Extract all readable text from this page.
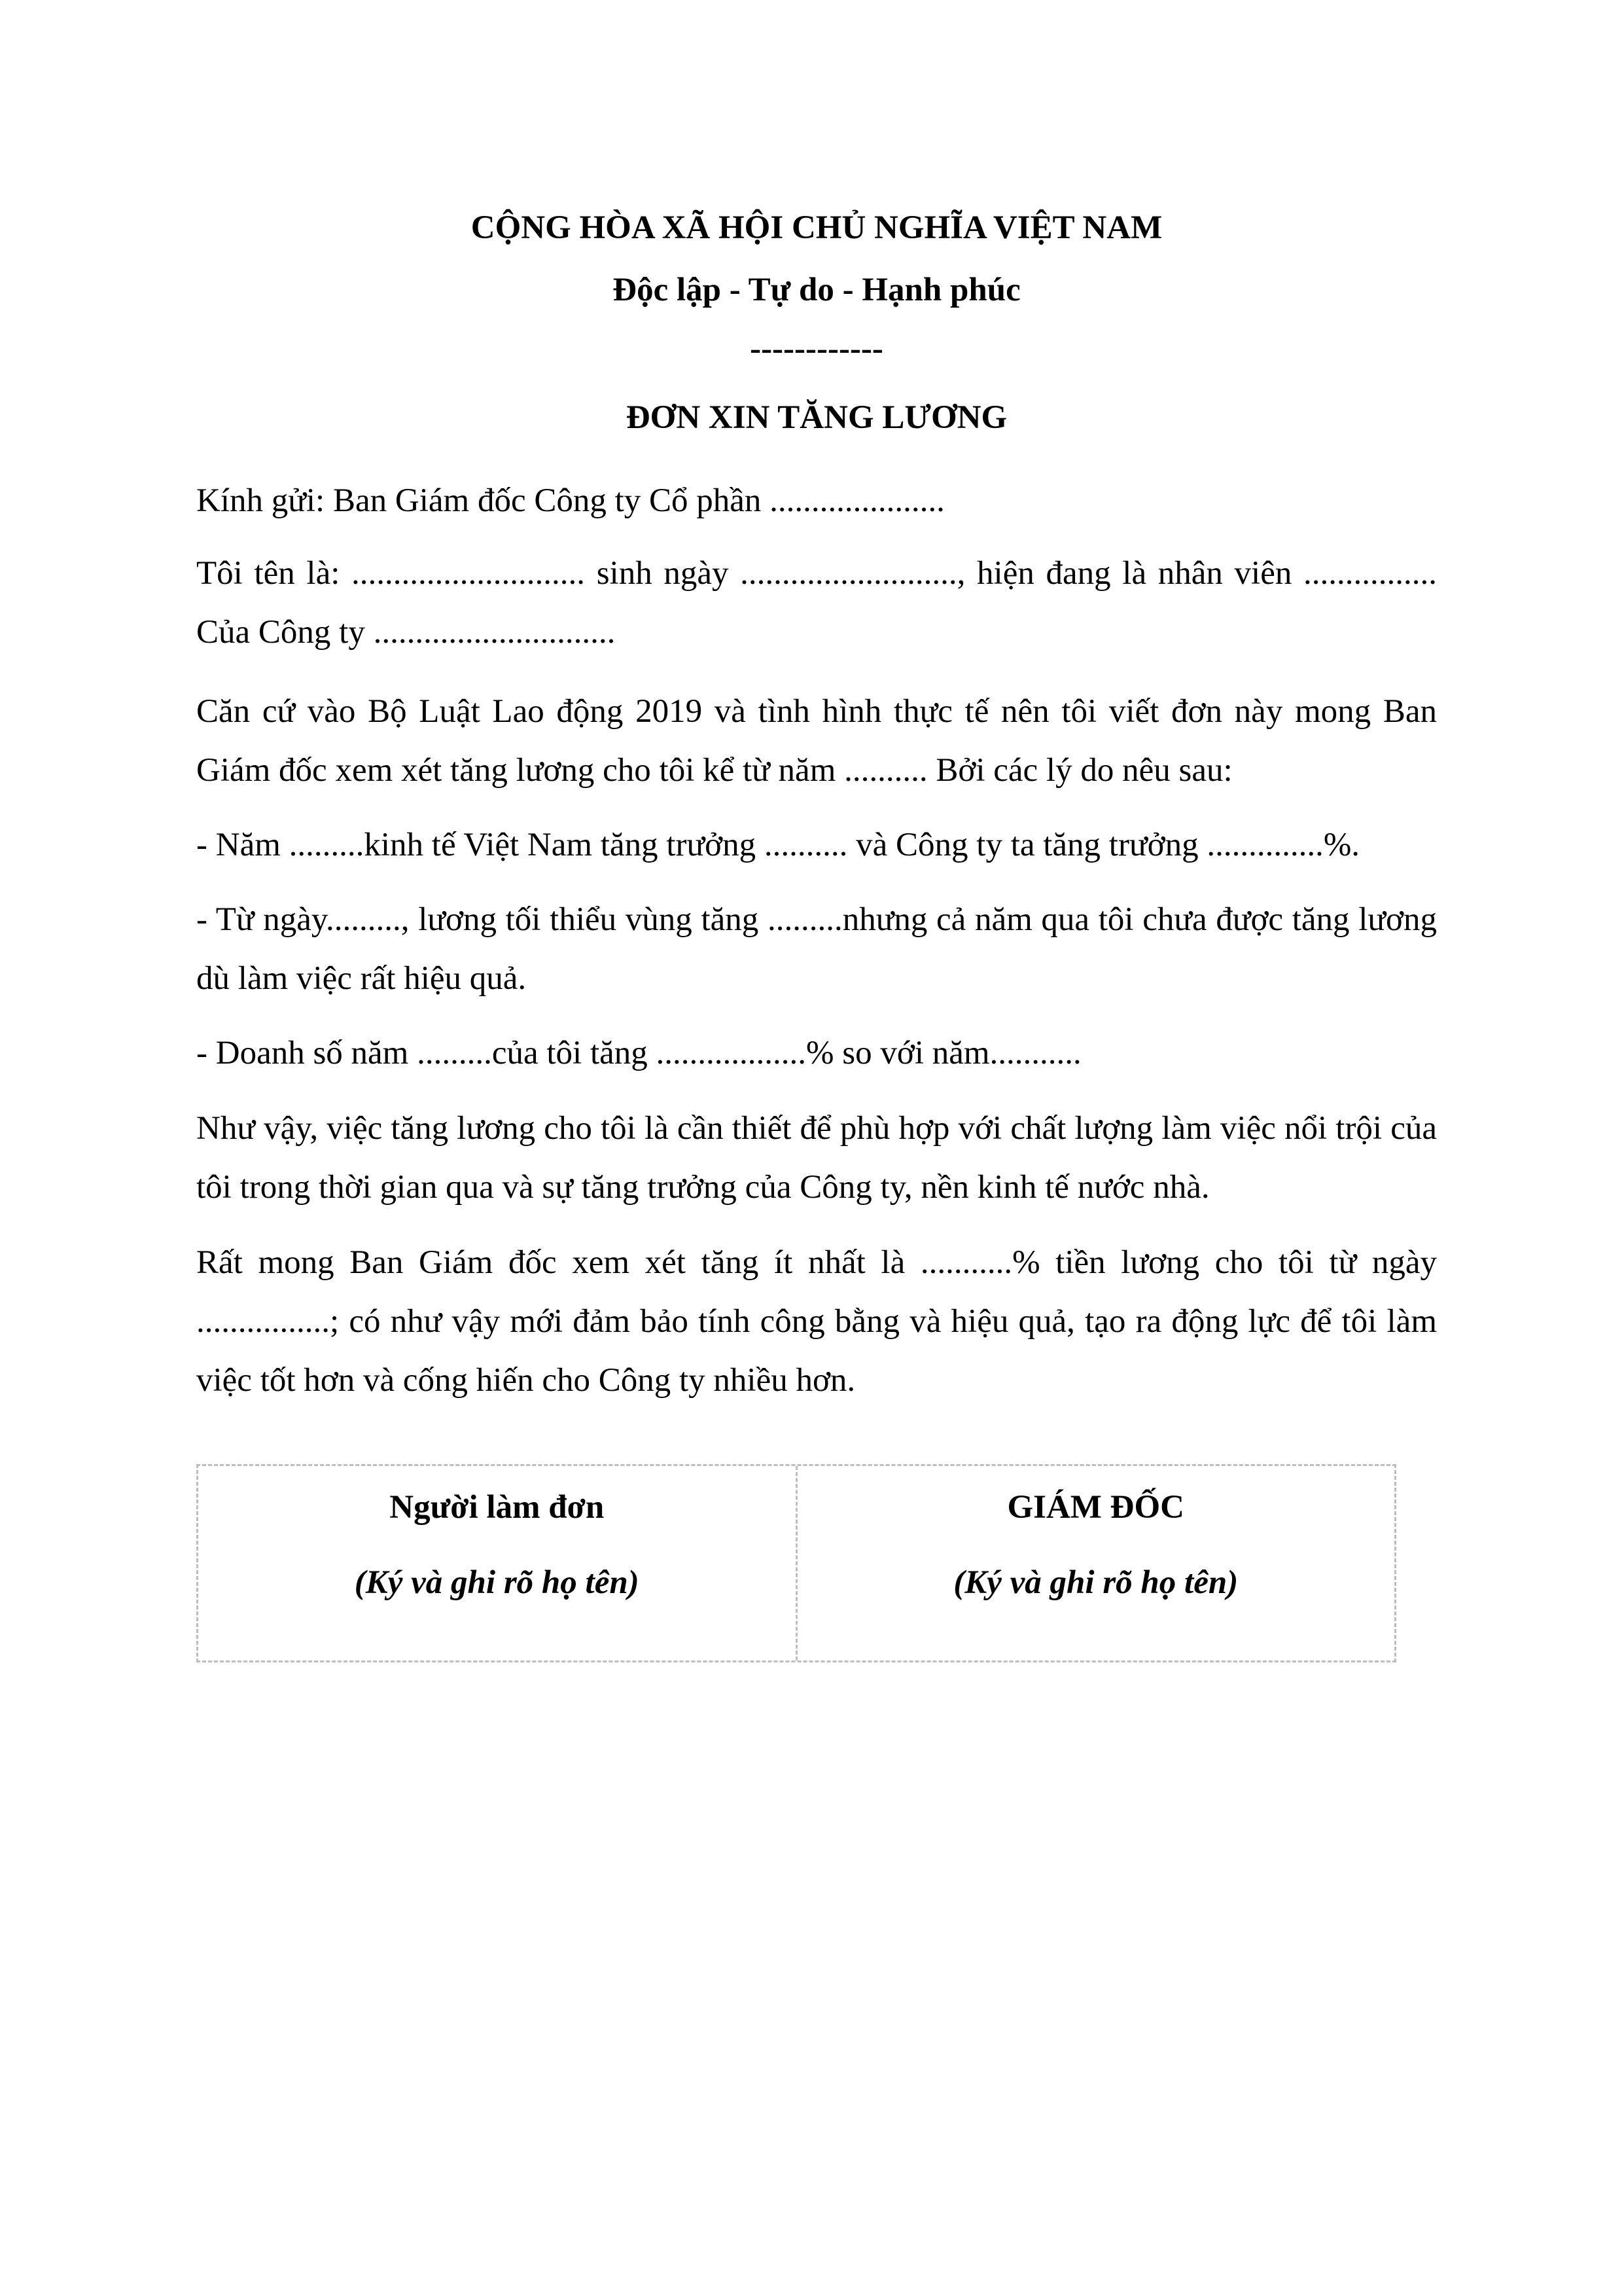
CỘNG HÒA XÃ HỘI CHỦ NGHĨA VIỆT NAM
Độc lập - Tự do - Hạnh phúc
------------
ĐƠN XIN TĂNG LƯƠNG
Kính gửi: Ban Giám đốc Công ty Cổ phần .....................
Tôi tên là: ............................ sinh ngày .........................., hiện đang là nhân viên ................ Của Công ty .............................
Căn cứ vào Bộ Luật Lao động 2019 và tình hình thực tế nên tôi viết đơn này mong Ban Giám đốc xem xét tăng lương cho tôi kể từ năm .......... Bởi các lý do nêu sau:
- Năm .........kinh tế Việt Nam tăng trưởng .......... và Công ty ta tăng trưởng ..............%.
- Từ ngày........., lương tối thiểu vùng tăng .........nhưng cả năm qua tôi chưa được tăng lương dù làm việc rất hiệu quả.
- Doanh số năm .........của tôi tăng ..................% so với năm...........
Như vậy, việc tăng lương cho tôi là cần thiết để phù hợp với chất lượng làm việc nổi trội của tôi trong thời gian qua và sự tăng trưởng của Công ty, nền kinh tế nước nhà.
Rất mong Ban Giám đốc xem xét tăng ít nhất là ...........% tiền lương cho tôi từ ngày ................; có như vậy mới đảm bảo tính công bằng và hiệu quả, tạo ra động lực để tôi làm việc tốt hơn và cống hiến cho Công ty nhiều hơn.
Người làm đơn
(Ký và ghi rõ họ tên)
GIÁM ĐỐC
(Ký và ghi rõ họ tên)
